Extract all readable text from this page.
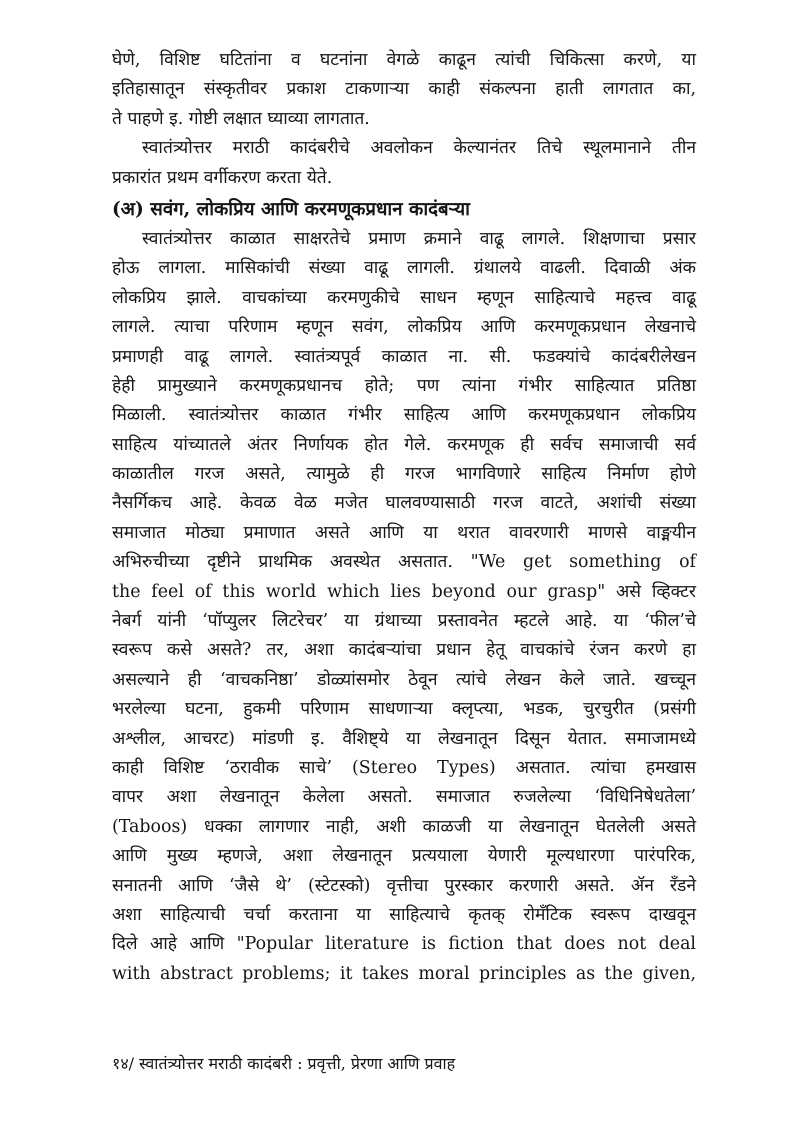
घेणे, विशिष्ट घटितांना व घटनांना वेगळे काढून त्यांची चिकित्सा करणे, या
इतिहासातून संस्कृतीवर प्रकाश टाकणाऱ्या काही संकल्पना हाती लागतात का,
ते पाहणे इ. गोष्टी लक्षात घ्याव्या लागतात.
स्वातंत्र्योत्तर मराठी कादंबरीचे अवलोकन केल्यानंतर तिचे स्थूलमानाने तीन
प्रकारांत प्रथम वर्गीकरण करता येते.
(अ) सवंग, लोकप्रिय आणि करमणूकप्रधान कादंबऱ्या
स्वातंत्र्योत्तर काळात साक्षरतेचे प्रमाण क्रमाने वाढू लागले. शिक्षणाचा प्रसार
होऊ लागला. मासिकांची संख्या वाढू लागली. ग्रंथालये वाढली. दिवाळी अंक
लोकप्रिय झाले. वाचकांच्या करमणुकीचे साधन म्हणून साहित्याचे महत्त्व वाढू
लागले. त्याचा परिणाम म्हणून सवंग, लोकप्रिय आणि करमणूकप्रधान लेखनाचे
प्रमाणही वाढू लागले. स्वातंत्र्यपूर्व काळात ना. सी. फडक्यांचे कादंबरीलेखन
हेही प्रामुख्याने करमणूकप्रधानच होते; पण त्यांना गंभीर साहित्यात प्रतिष्ठा
मिळाली. स्वातंत्र्योत्तर काळात गंभीर साहित्य आणि करमणूकप्रधान लोकप्रिय
साहित्य यांच्यातले अंतर निर्णायक होत गेले. करमणूक ही सर्वच समाजाची सर्व
काळातील गरज असते, त्यामुळे ही गरज भागविणारे साहित्य निर्माण होणे
नैसर्गिकच आहे. केवळ वेळ मजेत घालवण्यासाठी गरज वाटते, अशांची संख्या
समाजात मोठ्या प्रमाणात असते आणि या थरात वावरणारी माणसे वाङ्मयीन
अभिरुचीच्या दृष्टीने प्राथमिक अवस्थेत असतात. "We get something of
the feel of this world which lies beyond our grasp" असे व्हिक्टर
नेबर्ग यांनी ‘पॉप्युलर लिटरेचर’ या ग्रंथाच्या प्रस्तावनेत म्हटले आहे. या ‘फील’चे
स्वरूप कसे असते? तर, अशा कादंबऱ्यांचा प्रधान हेतू वाचकांचे रंजन करणे हा
असल्याने ही ‘वाचकनिष्ठा’ डोळ्यांसमोर ठेवून त्यांचे लेखन केले जाते. खच्चून
भरलेल्या घटना, हुकमी परिणाम साधणाऱ्या क्लृप्त्या, भडक, चुरचुरीत (प्रसंगी
अश्लील, आचरट) मांडणी इ. वैशिष्ट्ये या लेखनातून दिसून येतात. समाजामध्ये
काही विशिष्ट ‘ठरावीक साचे’ (Stereo Types) असतात. त्यांचा हमखास
वापर अशा लेखनातून केलेला असतो. समाजात रुजलेल्या ‘विधिनिषेधतेला’
(Taboos) धक्का लागणार नाही, अशी काळजी या लेखनातून घेतलेली असते
आणि मुख्य म्हणजे, अशा लेखनातून प्रत्ययाला येणारी मूल्यधारणा पारंपरिक,
सनातनी आणि ‘जैसे थे’ (स्टेटस्को) वृत्तीचा पुरस्कार करणारी असते. ॲन रँडने
अशा साहित्याची चर्चा करताना या साहित्याचे कृतक् रोमँटिक स्वरूप दाखवून
दिले आहे आणि "Popular literature is fiction that does not deal
with abstract problems; it takes moral principles as the given,
१४/ स्वातंत्र्योत्तर मराठी कादंबरी : प्रवृत्ती, प्रेरणा आणि प्रवाह
